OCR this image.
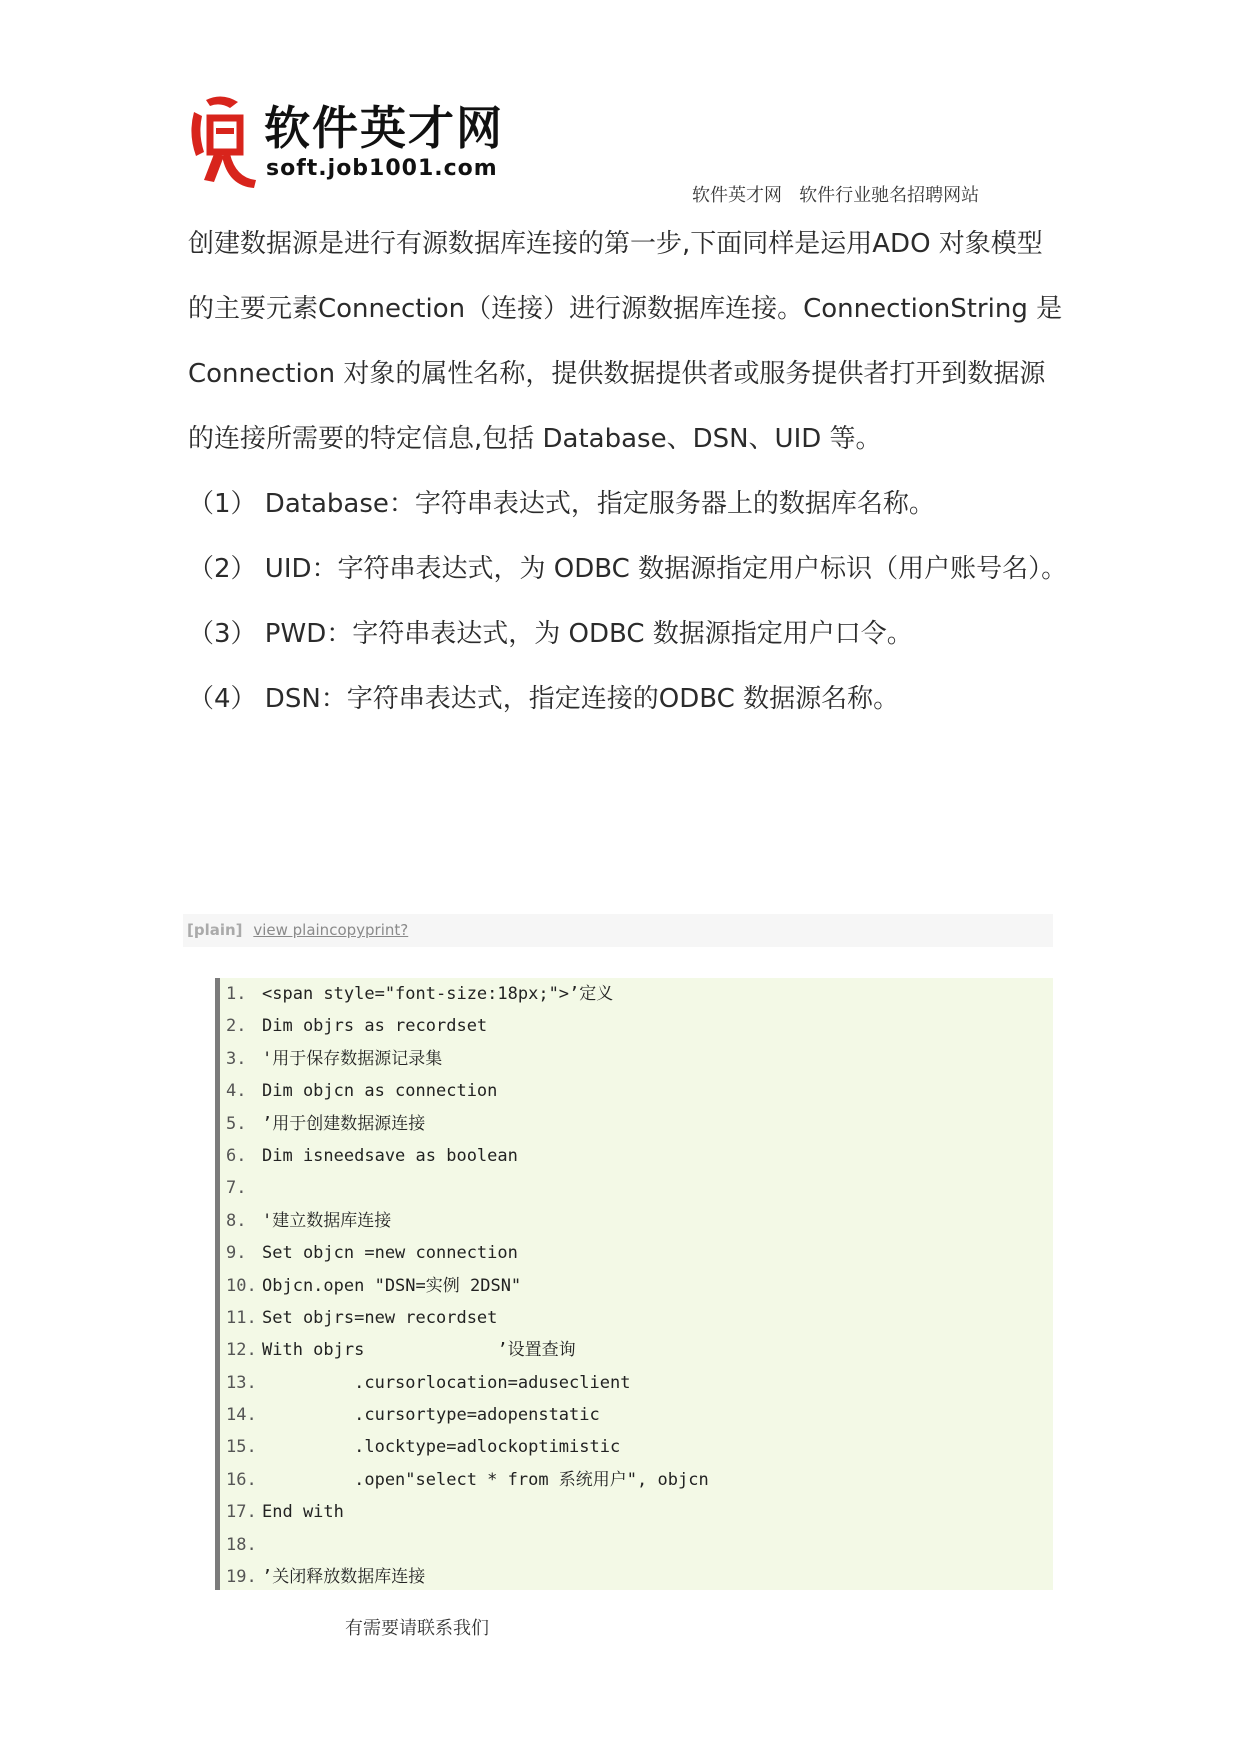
软件英才网
soft.job1001.com
软件英才网   软件行业驰名招聘网站

创建数据源是进行有源数据库连接的第一步,下面同样是运用ADO 对象模型的主要元素Connection（连接）进行源数据库连接。ConnectionString 是 Connection 对象的属性名称，提供数据提供者或服务提供者打开到数据源的连接所需要的特定信息,包括 Database、DSN、UID 等。

（1） Database：字符串表达式，指定服务器上的数据库名称。

（2） UID：字符串表达式，为 ODBC 数据源指定用户标识（用户账号名）。

（3） PWD：字符串表达式，为 ODBC 数据源指定用户口令。

（4） DSN：字符串表达式，指定连接的ODBC 数据源名称。

[plain] view plaincopyprint?
1. <span style="font-size:18px;">’定义
2. Dim objrs as recordset
3. '用于保存数据源记录集
4. Dim objcn as connection
5. ’用于创建数据源连接
6. Dim isneedsave as boolean
7.
8. '建立数据库连接
9. Set objcn =new connection
10. Objcn.open "DSN=实例 2DSN"
11. Set objrs=new recordset
12. With objrs             ’设置查询
13.         .cursorlocation=aduseclient
14.         .cursortype=adopenstatic
15.         .locktype=adlockoptimistic
16.         .open"select * from 系统用户", objcn
17. End with
18.
19. ’关闭释放数据库连接
有需要请联系我们
